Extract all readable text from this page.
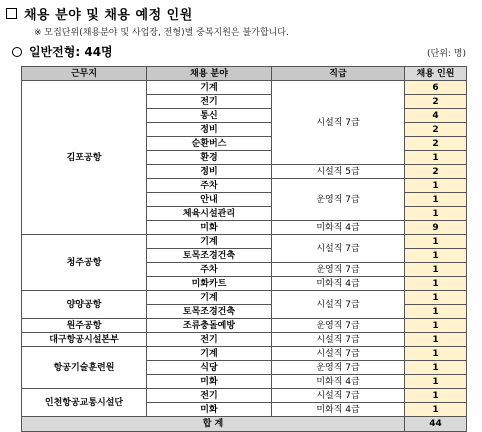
채용 분야 및 채용 예정 인원
※ 모집단위(채용분야 및 사업장, 전형)별 중복지원은 불가합니다.
일반전형: 44명	(단위: 명)
근무지	채용 분야	직급	채용 인원
김포공항	기계	시설직 7급	6
	전기		2
	통신		4
	정비		2
	순환버스		2
	환경		1
	정비	시설직 5급	2
	주차	운영직 7급	1
	안내		1
	체육시설관리		1
	미화	미화직 4급	9
청주공항	기계	시설직 7급	1
	토목조경건축		1
	주차	운영직 7급	1
	미화카트	미화직 4급	1
양양공항	기계	시설직 7급	1
	토목조경건축		1
원주공항	조류충돌예방	운영직 7급	1
대구항공시설본부	전기	시설직 7급	1
항공기술훈련원	기계	시설직 7급	1
	식당	운영직 7급	1
	미화	미화직 4급	1
인천항공교통시설단	전기	시설직 7급	1
	미화	미화직 4급	1
합 계			44
